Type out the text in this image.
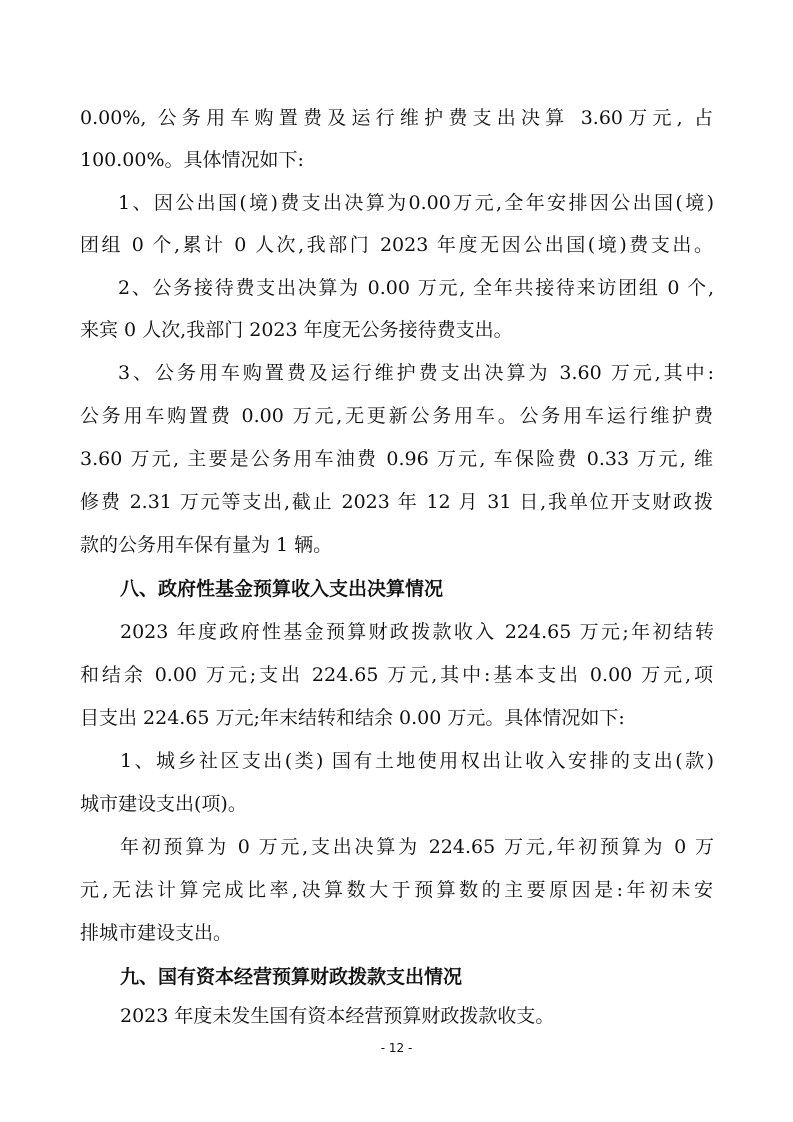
0.00%, 公务用车购置费及运行维护费支出决算 3.60万元, 占
100.00%。具体情况如下:
1、因公出国(境)费支出决算为0.00万元,全年安排因公出国(境)
团组 0 个,累计 0 人次,我部门 2023 年度无因公出国(境)费支出。
2、公务接待费支出决算为 0.00 万元, 全年共接待来访团组 0 个,
来宾 0 人次,我部门 2023 年度无公务接待费支出。
3、公务用车购置费及运行维护费支出决算为 3.60 万元,其中:
公务用车购置费 0.00 万元,无更新公务用车。公务用车运行维护费
3.60 万元, 主要是公务用车油费 0.96 万元, 车保险费 0.33 万元, 维
修费 2.31 万元等支出,截止 2023 年 12 月 31 日,我单位开支财政拨
款的公务用车保有量为 1 辆。
八、政府性基金预算收入支出决算情况
2023 年度政府性基金预算财政拨款收入 224.65 万元;年初结转
和结余 0.00 万元;支出 224.65 万元,其中:基本支出 0.00 万元,项
目支出 224.65 万元;年末结转和结余 0.00 万元。具体情况如下:
1、城乡社区支出(类) 国有土地使用权出让收入安排的支出(款)
城市建设支出(项)。
年初预算为 0 万元,支出决算为 224.65 万元,年初预算为 0 万
元,无法计算完成比率,决算数大于预算数的主要原因是:年初未安
排城市建设支出。
九、国有资本经营预算财政拨款支出情况
2023 年度未发生国有资本经营预算财政拨款收支。
- 12 -
